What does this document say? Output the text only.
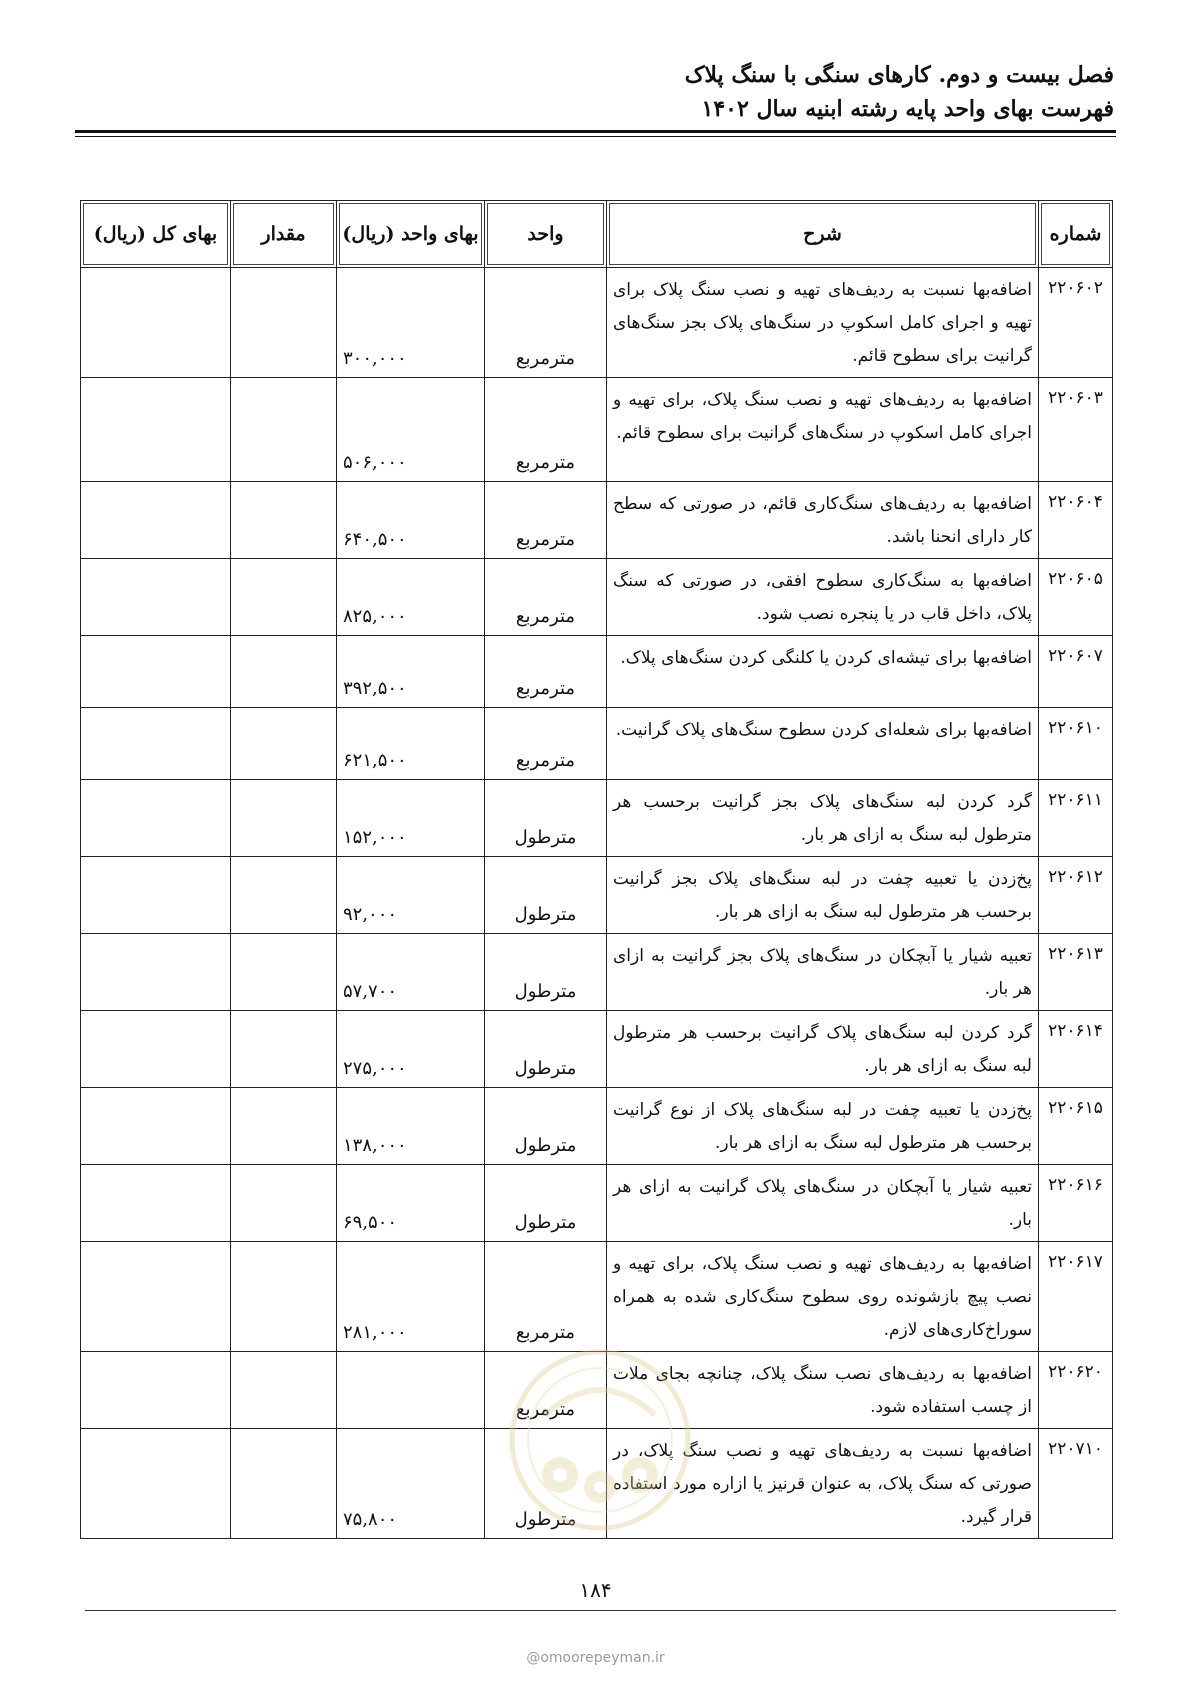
فصل بیست و دوم. کارهای سنگی با سنگ پلاک
فهرست بهای واحد پایه رشته ابنیه سال ۱۴۰۲
شماره	شرح	واحد	بهای واحد (ریال)	مقدار	بهای کل (ریال)
۲۲۰۶۰۲	اضافه‌بها نسبت به ردیف‌های تهیه و نصب سنگ پلاک برای تهیه و اجرای کامل اسکوپ در سنگ‌های پلاک بجز سنگ‌های گرانیت برای سطوح قائم.	مترمربع	۳۰۰,۰۰۰		
۲۲۰۶۰۳	اضافه‌بها به ردیف‌های تهیه و نصب سنگ پلاک، برای تهیه و اجرای کامل اسکوپ در سنگ‌های گرانیت برای سطوح قائم.	مترمربع	۵۰۶,۰۰۰		
۲۲۰۶۰۴	اضافه‌بها به ردیف‌های سنگ‌کاری قائم، در صورتی که سطح کار دارای انحنا باشد.	مترمربع	۶۴۰,۵۰۰		
۲۲۰۶۰۵	اضافه‌بها به سنگ‌کاری سطوح افقی، در صورتی که سنگ پلاک، داخل قاب در یا پنجره نصب شود.	مترمربع	۸۲۵,۰۰۰		
۲۲۰۶۰۷	اضافه‌بها برای تیشه‌ای کردن یا کلنگی کردن سنگ‌های پلاک.	مترمربع	۳۹۲,۵۰۰		
۲۲۰۶۱۰	اضافه‌بها برای شعله‌ای کردن سطوح سنگ‌های پلاک گرانیت.	مترمربع	۶۲۱,۵۰۰		
۲۲۰۶۱۱	گرد کردن لبه سنگ‌های پلاک بجز گرانیت برحسب هر مترطول لبه سنگ به ازای هر بار.	مترطول	۱۵۲,۰۰۰		
۲۲۰۶۱۲	پخ‌زدن یا تعبیه چفت در لبه سنگ‌های پلاک بجز گرانیت برحسب هر مترطول لبه سنگ به ازای هر بار.	مترطول	۹۲,۰۰۰		
۲۲۰۶۱۳	تعبیه شیار یا آبچکان در سنگ‌های پلاک بجز گرانیت به ازای هر بار.	مترطول	۵۷,۷۰۰		
۲۲۰۶۱۴	گرد کردن لبه سنگ‌های پلاک گرانیت برحسب هر مترطول لبه سنگ به ازای هر بار.	مترطول	۲۷۵,۰۰۰		
۲۲۰۶۱۵	پخ‌زدن یا تعبیه چفت در لبه سنگ‌های پلاک از نوع گرانیت برحسب هر مترطول لبه سنگ به ازای هر بار.	مترطول	۱۳۸,۰۰۰		
۲۲۰۶۱۶	تعبیه شیار یا آبچکان در سنگ‌های پلاک گرانیت به ازای هر بار.	مترطول	۶۹,۵۰۰		
۲۲۰۶۱۷	اضافه‌بها به ردیف‌های تهیه و نصب سنگ پلاک، برای تهیه و نصب پیچ بازشونده روی سطوح سنگ‌کاری شده به همراه سوراخ‌کاری‌های لازم.	مترمربع	۲۸۱,۰۰۰		
۲۲۰۶۲۰	اضافه‌بها به ردیف‌های نصب سنگ پلاک، چنانچه بجای ملات از چسب استفاده شود.	مترمربع			
۲۲۰۷۱۰	اضافه‌بها نسبت به ردیف‌های تهیه و نصب سنگ پلاک، در صورتی که سنگ پلاک، به عنوان قرنیز یا ازاره مورد استفاده قرار گیرد.	مترطول	۷۵,۸۰۰		
۱۸۴
@omoorepeyman.ir
